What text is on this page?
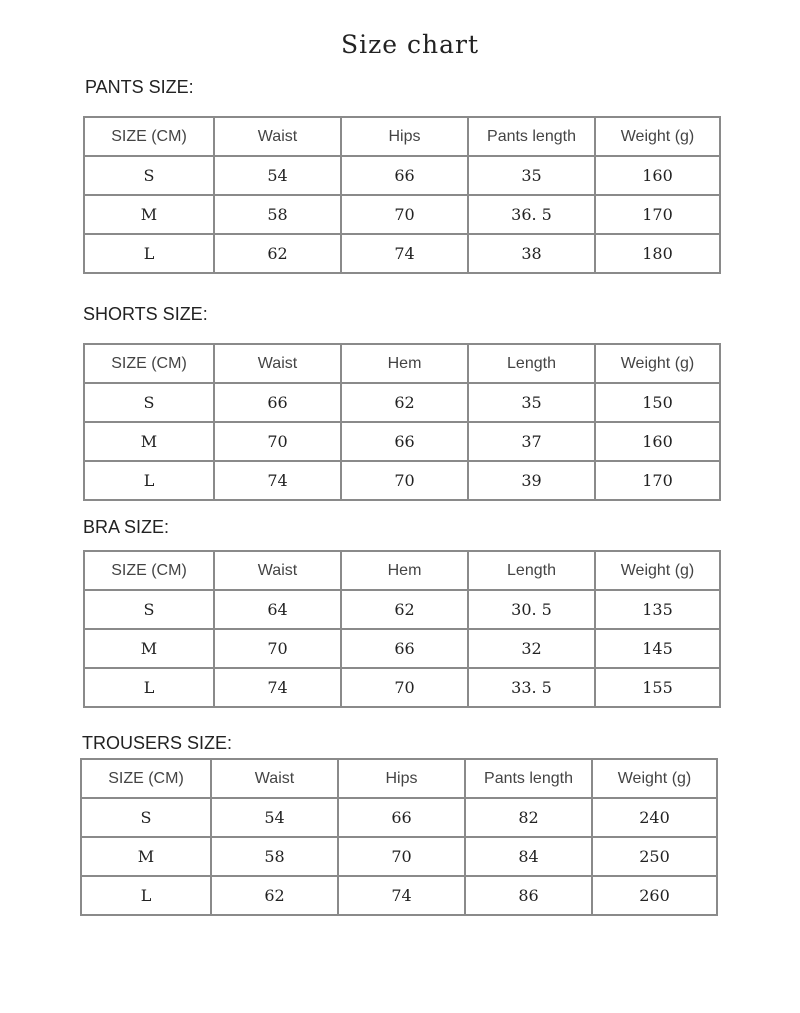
Size chart
PANTS SIZE:
SIZE (CM)	Waist	Hips	Pants length	Weight (g)
S	54	66	35	160
M	58	70	36. 5	170
L	62	74	38	180
SHORTS SIZE:
SIZE (CM)	Waist	Hem	Length	Weight (g)
S	66	62	35	150
M	70	66	37	160
L	74	70	39	170
BRA SIZE:
SIZE (CM)	Waist	Hem	Length	Weight (g)
S	64	62	30. 5	135
M	70	66	32	145
L	74	70	33. 5	155
TROUSERS SIZE:
SIZE (CM)	Waist	Hips	Pants length	Weight (g)
S	54	66	82	240
M	58	70	84	250
L	62	74	86	260
